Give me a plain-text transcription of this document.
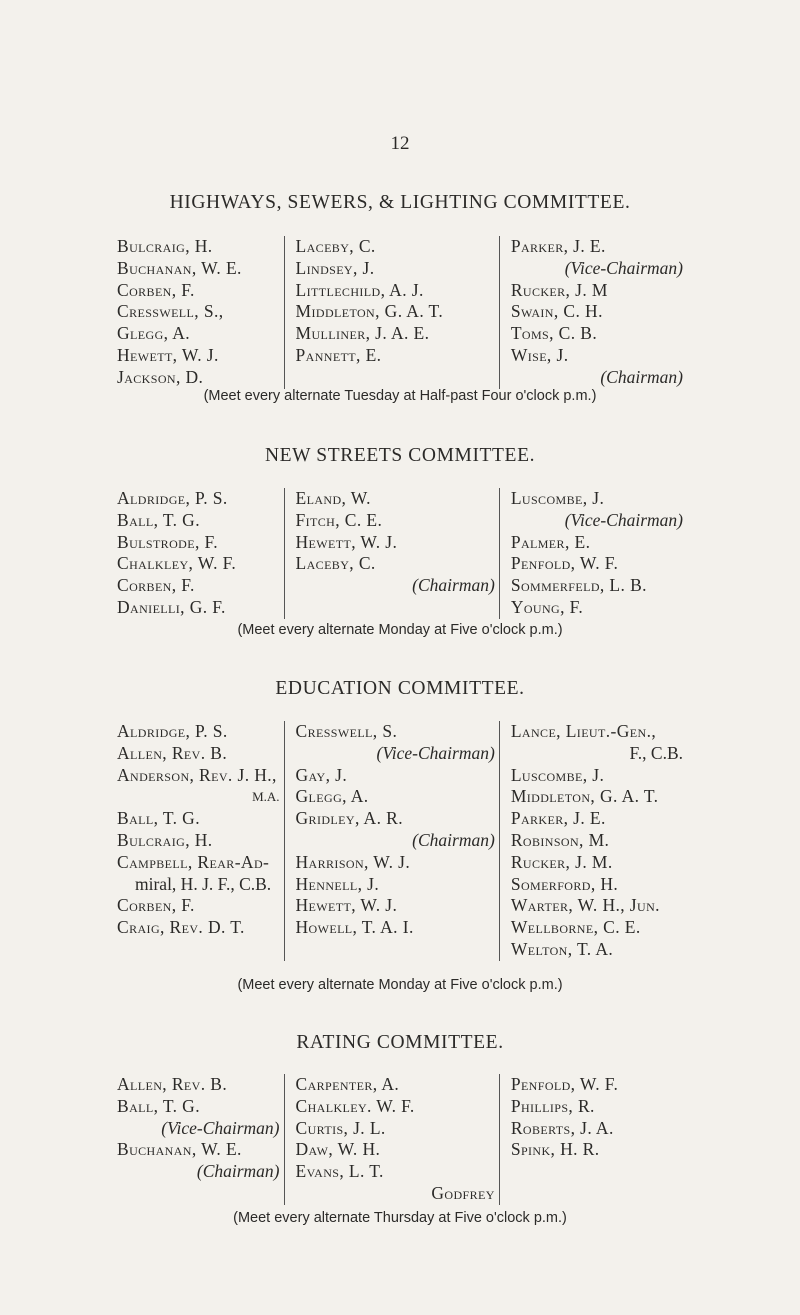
12
HIGHWAYS, SEWERS, & LIGHTING COMMITTEE.
Bulcraig, H.
Buchanan, W. E.
Corben, F.
Cresswell, S.,
Glegg, A.
Hewett, W. J.
Jackson, D.
Laceby, C.
Lindsey, J.
Littlechild, A. J.
Middleton, G. A. T.
Mulliner, J. A. E.
Pannett, E.
Parker, J. E.
(Vice-Chairman)
Rucker, J. M
Swain, C. H.
Toms, C. B.
Wise, J.
(Chairman)
(Meet every alternate Tuesday at Half-past Four o'clock p.m.)
NEW STREETS COMMITTEE.
Aldridge, P. S.
Ball, T. G.
Bulstrode, F.
Chalkley, W. F.
Corben, F.
Danielli, G. F.
Eland, W.
Fitch, C. E.
Hewett, W. J.
Laceby, C.
(Chairman)
Luscombe, J.
(Vice-Chairman)
Palmer, E.
Penfold, W. F.
Sommerfeld, L. B.
Young, F.
(Meet every alternate Monday at Five o'clock p.m.)
EDUCATION COMMITTEE.
Aldridge, P. S.
Allen, Rev. B.
Anderson, Rev. J. H.,
M.A.
Ball, T. G.
Bulcraig, H.
Campbell, Rear-Ad-
miral, H. J. F., C.B.
Corben, F.
Craig, Rev. D. T.
Cresswell, S.
(Vice-Chairman)
Gay, J.
Glegg, A.
Gridley, A. R.
(Chairman)
Harrison, W. J.
Hennell, J.
Hewett, W. J.
Howell, T. A. I.
Lance, Lieut.-Gen.,
F., C.B.
Luscombe, J.
Middleton, G. A. T.
Parker, J. E.
Robinson, M.
Rucker, J. M.
Somerford, H.
Warter, W. H., Jun.
Wellborne, C. E.
Welton, T. A.
(Meet every alternate Monday at Five o'clock p.m.)
RATING COMMITTEE.
Allen, Rev. B.
Ball, T. G.
(Vice-Chairman)
Buchanan, W. E.
(Chairman)
Carpenter, A.
Chalkley. W. F.
Curtis, J. L.
Daw, W. H.
Evans, L. T.
Godfrey
Penfold, W. F.
Phillips, R.
Roberts, J. A.
Spink, H. R.
(Meet every alternate Thursday at Five o'clock p.m.)
